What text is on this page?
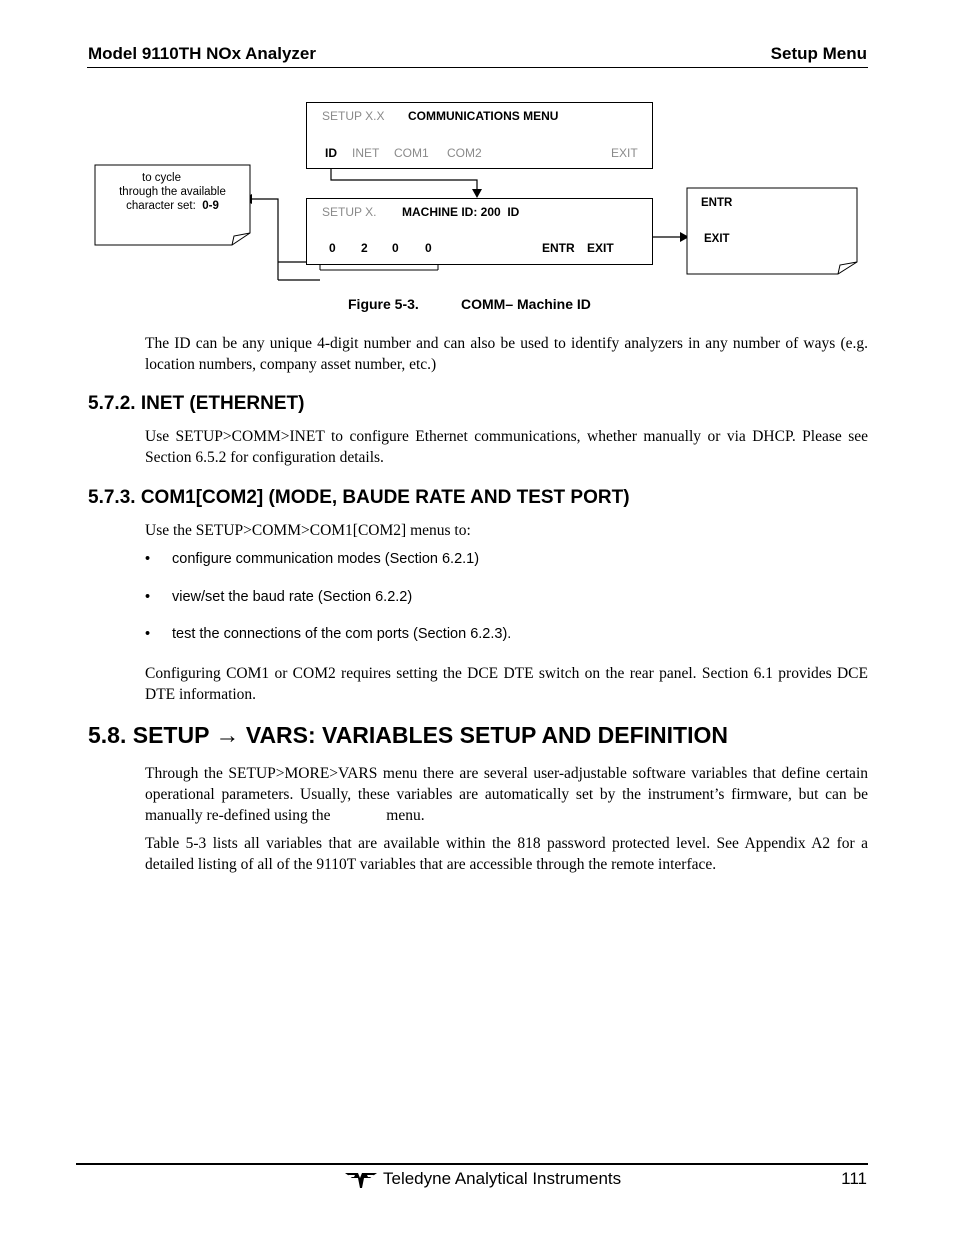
Model 9110TH NOx Analyzer	Setup Menu
SETUP X.X COMMUNICATIONS MENU
ID INET COM1 COM2	EXIT
SETUP X. MACHINE ID: 200  ID
0 2 0 0	ENTR EXIT
to cycle
through the available
character set: 0-9	ENTR
EXIT
Figure 5-3.	COMM– Machine ID
The ID can be any unique 4-digit number and can also be used to identify analyzers in any number of ways (e.g. location numbers, company asset number, etc.)
5.7.2. INET (ETHERNET)
Use SETUP>COMM>INET to configure Ethernet communications, whether manually or via DHCP. Please see Section 6.5.2 for configuration details.
5.7.3. COM1[COM2] (MODE, BAUDE RATE AND TEST PORT)
Use the SETUP>COMM>COM1[COM2] menus to:
• configure communication modes (Section 6.2.1)
• view/set the baud rate (Section 6.2.2)
• test the connections of the com ports (Section 6.2.3).
Configuring COM1 or COM2 requires setting the DCE DTE switch on the rear panel. Section 6.1 provides DCE DTE information.
5.8. SETUP → VARS: VARIABLES SETUP AND DEFINITION
Through the SETUP>MORE>VARS menu there are several user-adjustable software variables that define certain operational parameters. Usually, these variables are automatically set by the instrument’s firmware, but can be manually re-defined using the	menu.
Table 5-3 lists all variables that are available within the 818 password protected level. See Appendix A2 for a detailed listing of all of the 9110T variables that are accessible through the remote interface.
Teledyne Analytical Instruments	111
